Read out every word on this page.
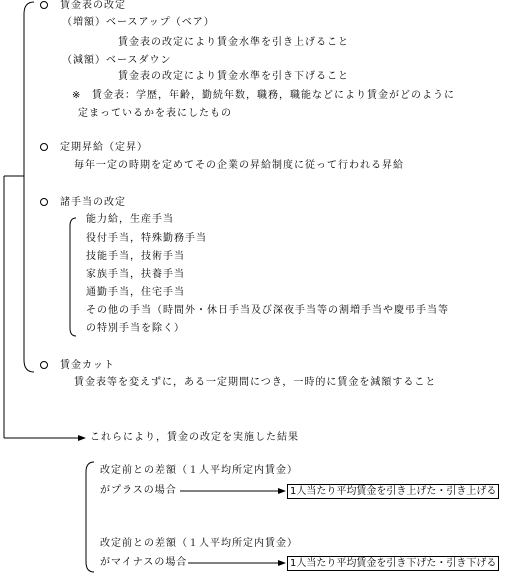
賃金表の改定
（増額）ベースアップ（ベア）
賃金表の改定により賃金水準を引き上げること
（減額）ベースダウン
賃金表の改定により賃金水準を引き下げること
※ 賃金表：学歴，年齢，勤続年数，職務，職能などにより賃金がどのように
定まっているかを表にしたもの
定期昇給（定昇）
毎年一定の時期を定めてその企業の昇給制度に従って行われる昇給
諸手当の改定
能力給，生産手当
役付手当，特殊勤務手当
技能手当，技術手当
家族手当，扶養手当
通勤手当，住宅手当
その他の手当（時間外・休日手当及び深夜手当等の割増手当や慶弔手当等
の特別手当を除く）
賃金カット
賃金表等を変えずに，ある一定期間につき，一時的に賃金を減額すること
これらにより，賃金の改定を実施した結果
改定前との差額（１人平均所定内賃金）
がプラスの場合	1人当たり平均賃金を引き上げた・引き上げる
改定前との差額（１人平均所定内賃金）
がマイナスの場合	1人当たり平均賃金を引き下げた・引き下げる
